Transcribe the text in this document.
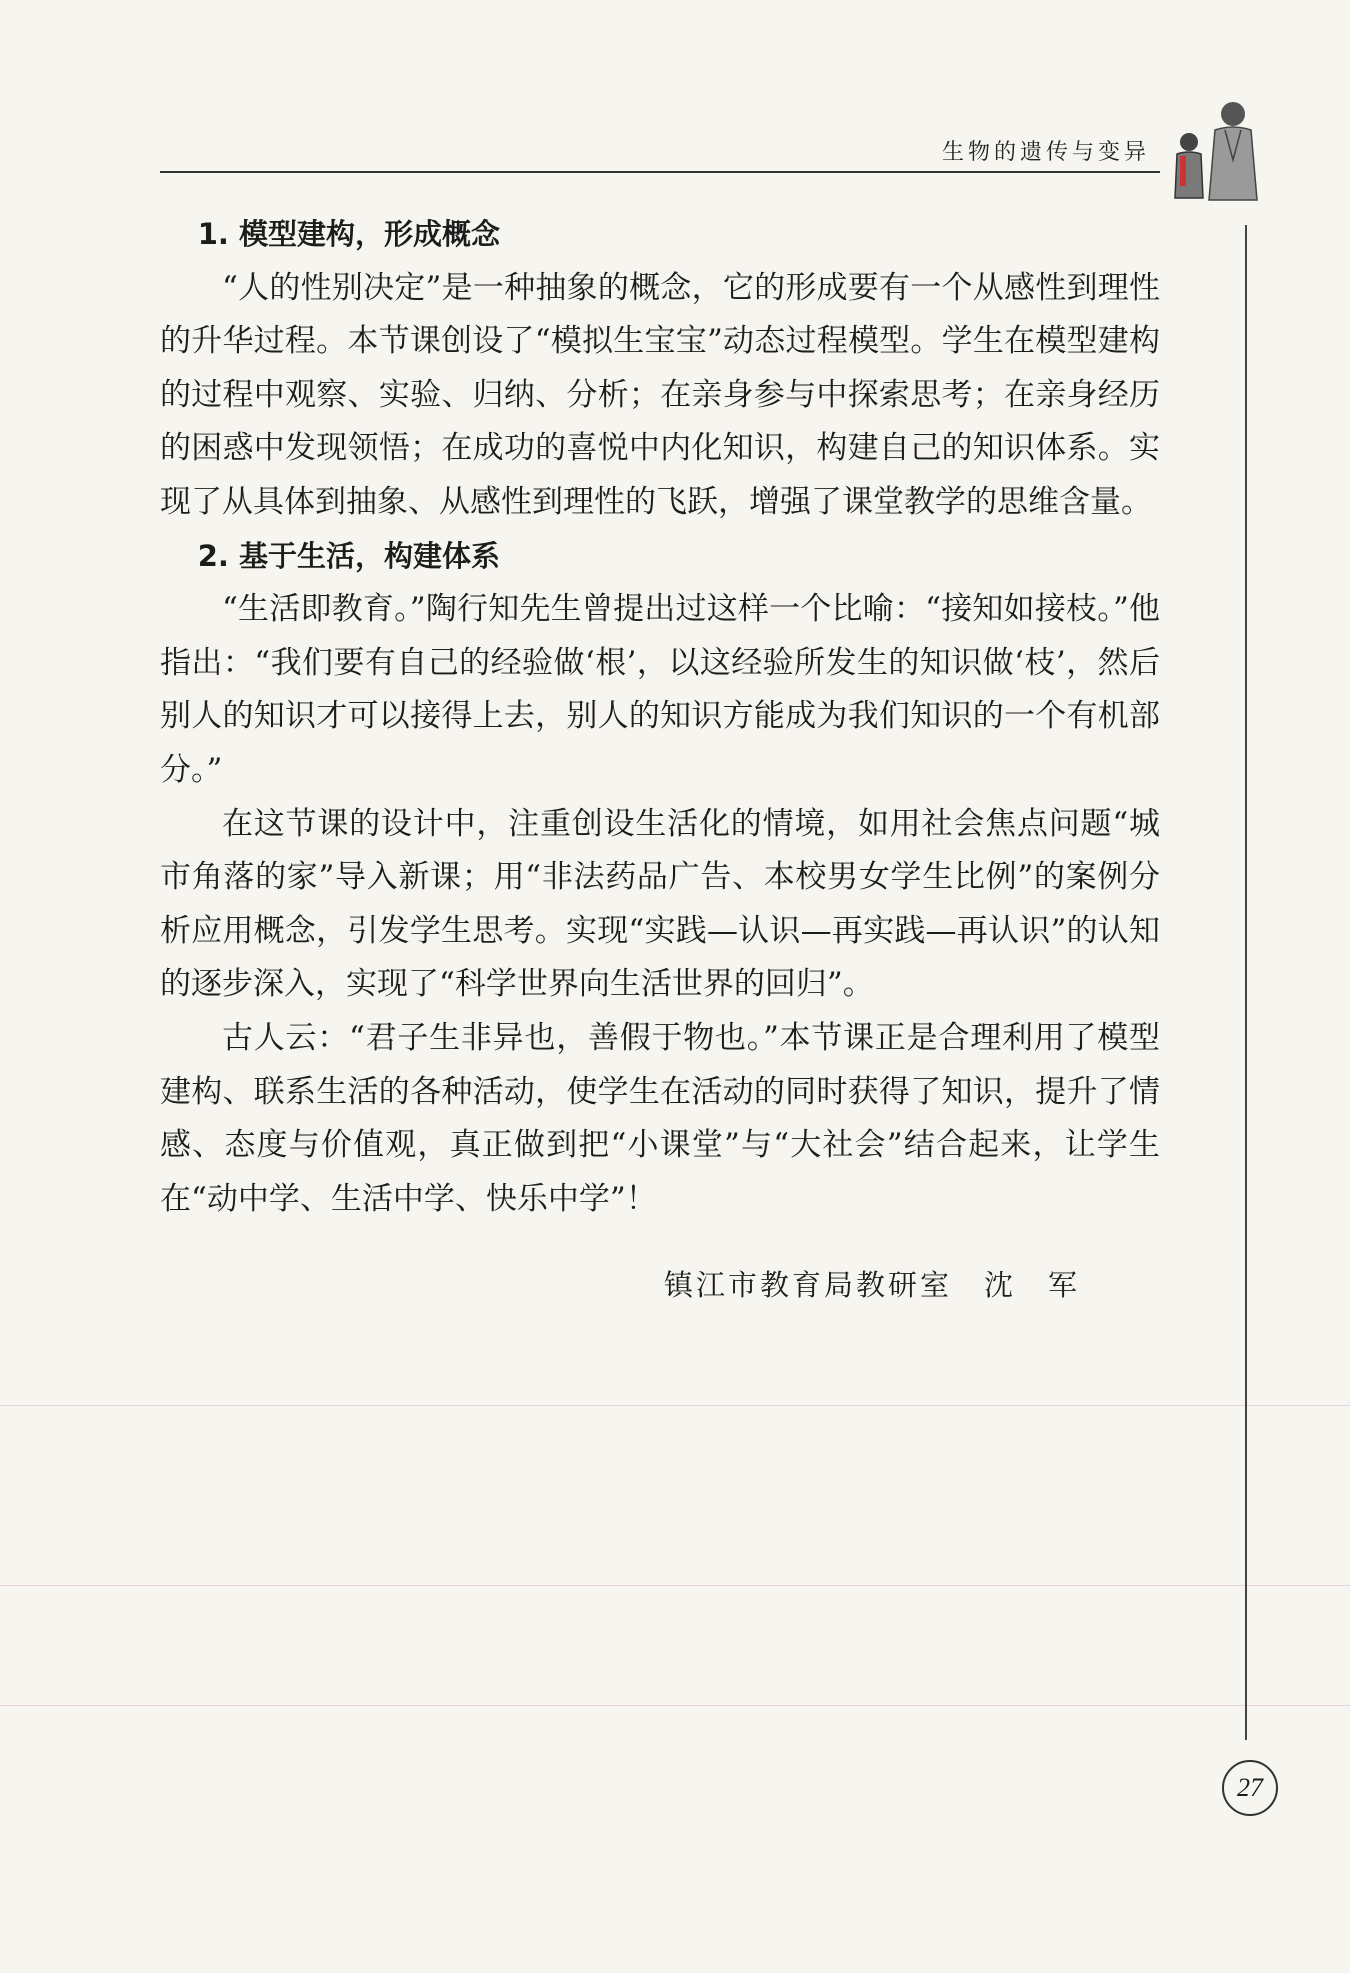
生物的遗传与变异
1. 模型建构，形成概念

“人的性别决定”是一种抽象的概念，它的形成要有一个从感性到理性的升华过程。本节课创设了“模拟生宝宝”动态过程模型。学生在模型建构的过程中观察、实验、归纳、分析；在亲身参与中探索思考；在亲身经历的困惑中发现领悟；在成功的喜悦中内化知识，构建自己的知识体系。实现了从具体到抽象、从感性到理性的飞跃，增强了课堂教学的思维含量。

2. 基于生活，构建体系

“生活即教育。”陶行知先生曾提出过这样一个比喻：“接知如接枝。”他指出：“我们要有自己的经验做‘根’，以这经验所发生的知识做‘枝’，然后别人的知识才可以接得上去，别人的知识方能成为我们知识的一个有机部分。”

在这节课的设计中，注重创设生活化的情境，如用社会焦点问题“城市角落的家”导入新课；用“非法药品广告、本校男女学生比例”的案例分析应用概念，引发学生思考。实现“实践—认识—再实践—再认识”的认知的逐步深入，实现了“科学世界向生活世界的回归”。

古人云：“君子生非异也，善假于物也。”本节课正是合理利用了模型建构、联系生活的各种活动，使学生在活动的同时获得了知识，提升了情感、态度与价值观，真正做到把“小课堂”与“大社会”结合起来，让学生在“动中学、生活中学、快乐中学”！

镇江市教育局教研室　沈　军
27
